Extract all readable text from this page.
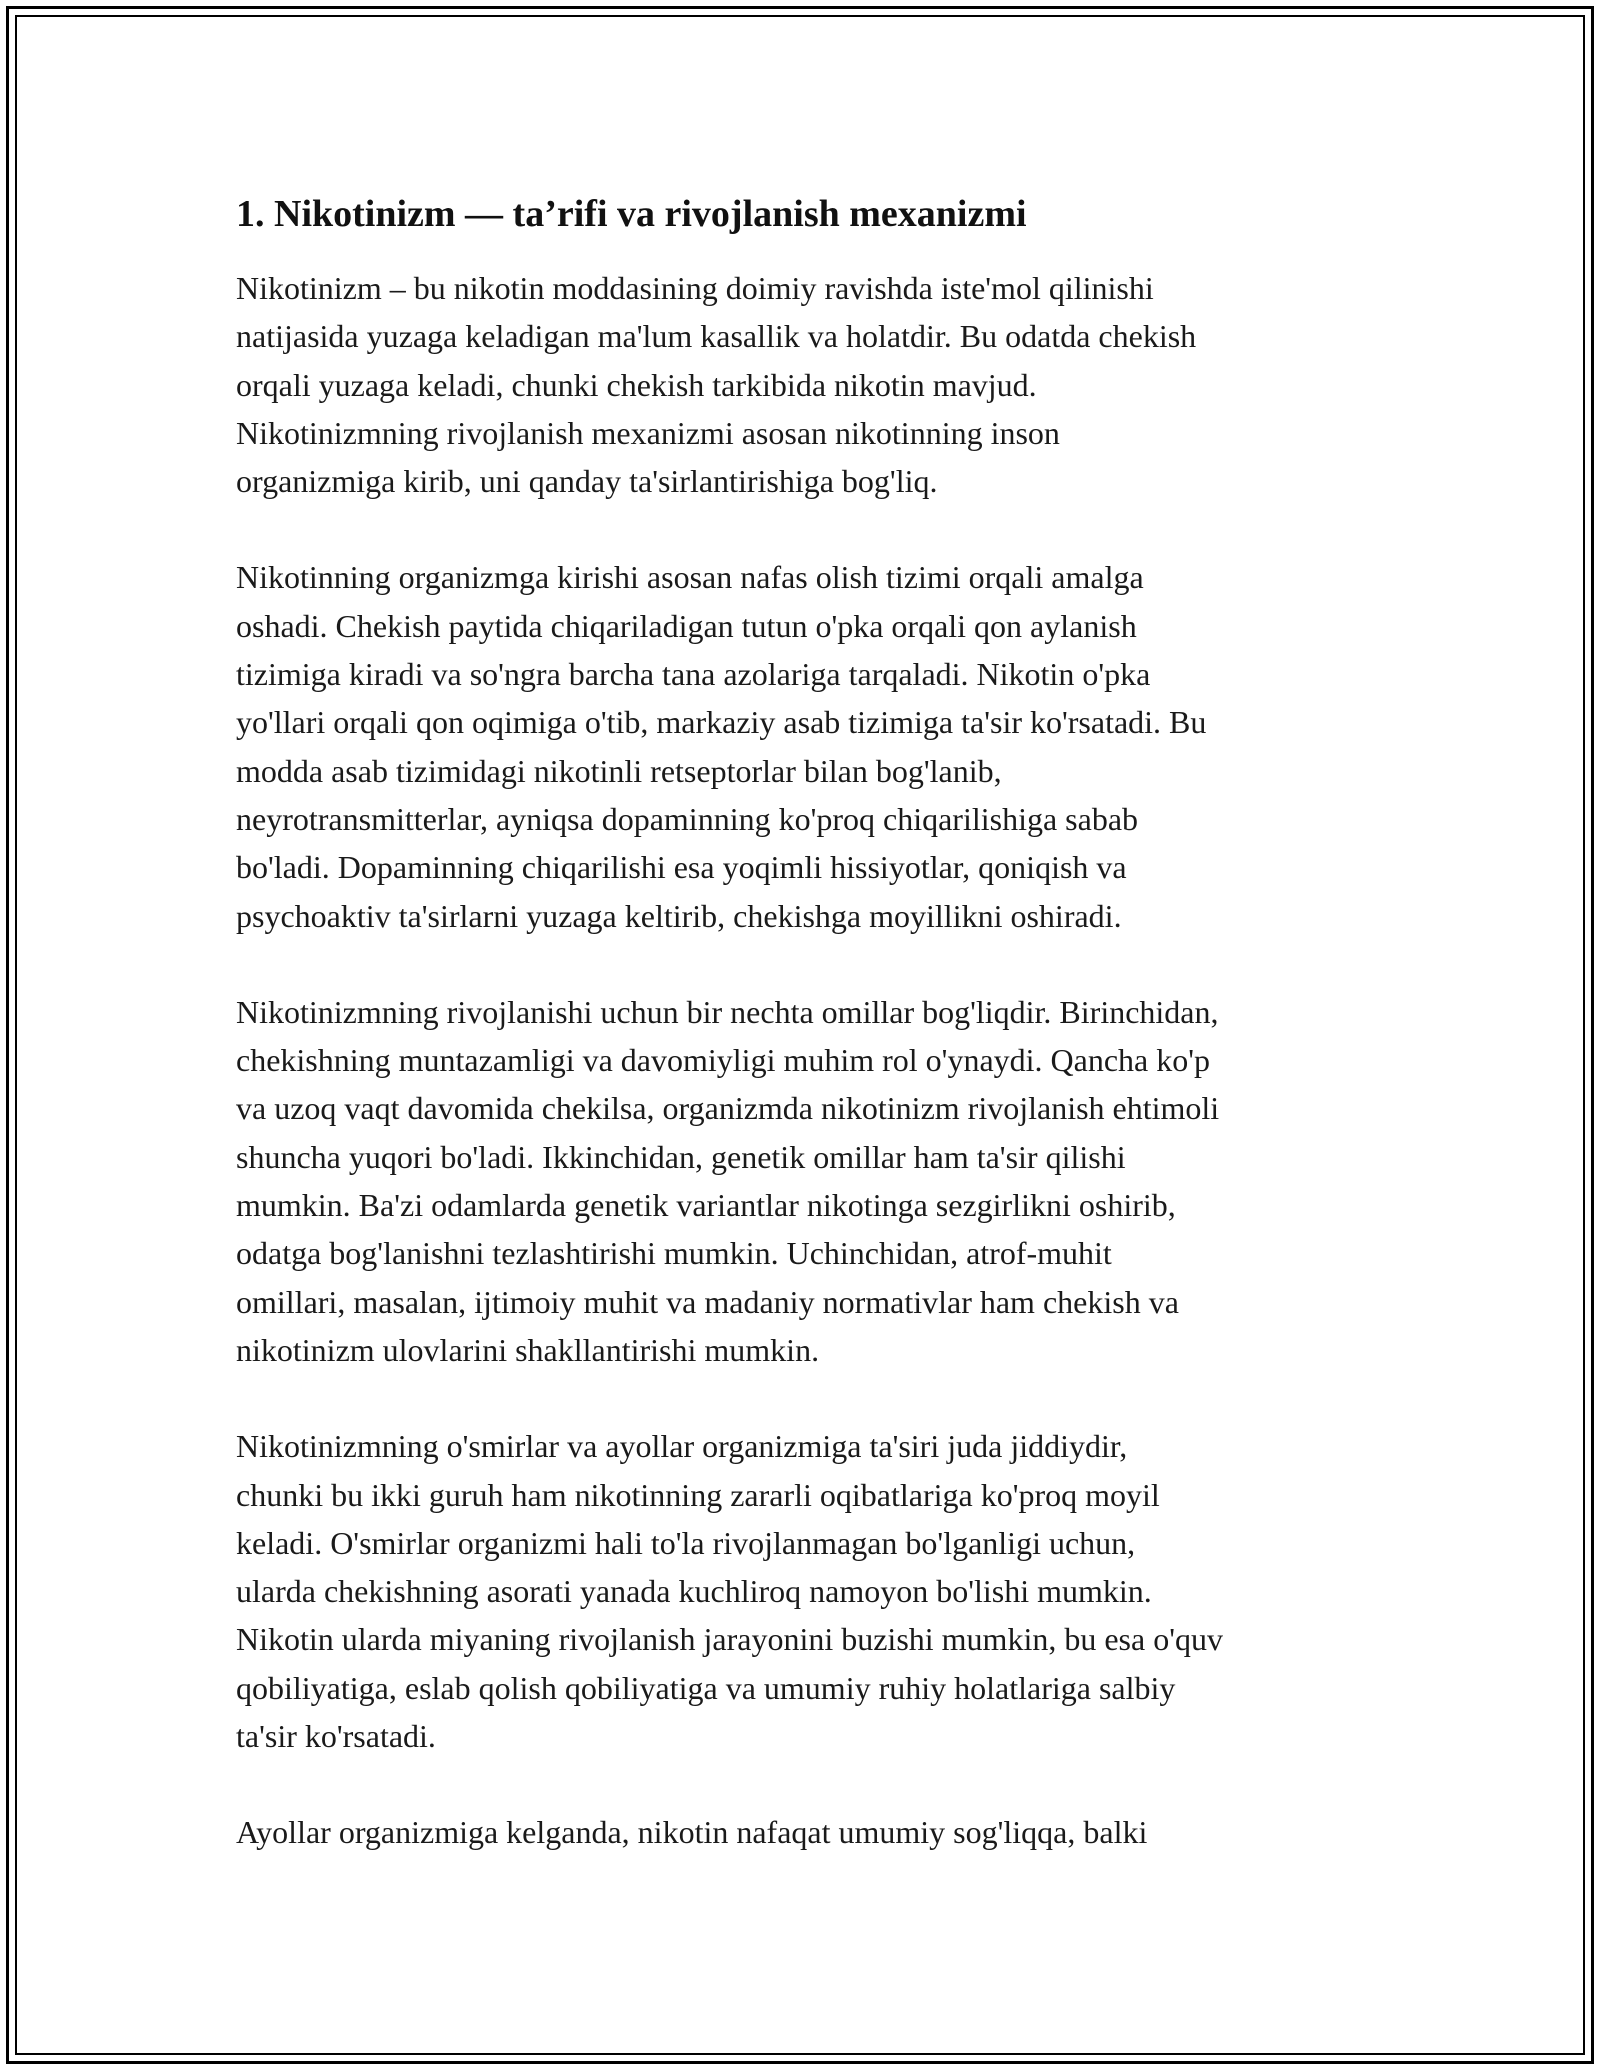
1. Nikotinizm — ta’rifi va rivojlanish mexanizmi

Nikotinizm – bu nikotin moddasining doimiy ravishda iste'mol qilinishi
natijasida yuzaga keladigan ma'lum kasallik va holatdir. Bu odatda chekish
orqali yuzaga keladi, chunki chekish tarkibida nikotin mavjud.
Nikotinizmning rivojlanish mexanizmi asosan nikotinning inson
organizmiga kirib, uni qanday ta'sirlantirishiga bog'liq.

Nikotinning organizmga kirishi asosan nafas olish tizimi orqali amalga
oshadi. Chekish paytida chiqariladigan tutun o'pka orqali qon aylanish
tizimiga kiradi va so'ngra barcha tana azolariga tarqaladi. Nikotin o'pka
yo'llari orqali qon oqimiga o'tib, markaziy asab tizimiga ta'sir ko'rsatadi. Bu
modda asab tizimidagi nikotinli retseptorlar bilan bog'lanib,
neyrotransmitterlar, ayniqsa dopaminning ko'proq chiqarilishiga sabab
bo'ladi. Dopaminning chiqarilishi esa yoqimli hissiyotlar, qoniqish va
psychoaktiv ta'sirlarni yuzaga keltirib, chekishga moyillikni oshiradi.

Nikotinizmning rivojlanishi uchun bir nechta omillar bog'liqdir. Birinchidan,
chekishning muntazamligi va davomiyligi muhim rol o'ynaydi. Qancha ko'p
va uzoq vaqt davomida chekilsa, organizmda nikotinizm rivojlanish ehtimoli
shuncha yuqori bo'ladi. Ikkinchidan, genetik omillar ham ta'sir qilishi
mumkin. Ba'zi odamlarda genetik variantlar nikotinga sezgirlikni oshirib,
odatga bog'lanishni tezlashtirishi mumkin. Uchinchidan, atrof-muhit
omillari, masalan, ijtimoiy muhit va madaniy normativlar ham chekish va
nikotinizm ulovlarini shakllantirishi mumkin.

Nikotinizmning o'smirlar va ayollar organizmiga ta'siri juda jiddiydir,
chunki bu ikki guruh ham nikotinning zararli oqibatlariga ko'proq moyil
keladi. O'smirlar organizmi hali to'la rivojlanmagan bo'lganligi uchun,
ularda chekishning asorati yanada kuchliroq namoyon bo'lishi mumkin.
Nikotin ularda miyaning rivojlanish jarayonini buzishi mumkin, bu esa o'quv
qobiliyatiga, eslab qolish qobiliyatiga va umumiy ruhiy holatlariga salbiy
ta'sir ko'rsatadi.

Ayollar organizmiga kelganda, nikotin nafaqat umumiy sog'liqqa, balki
